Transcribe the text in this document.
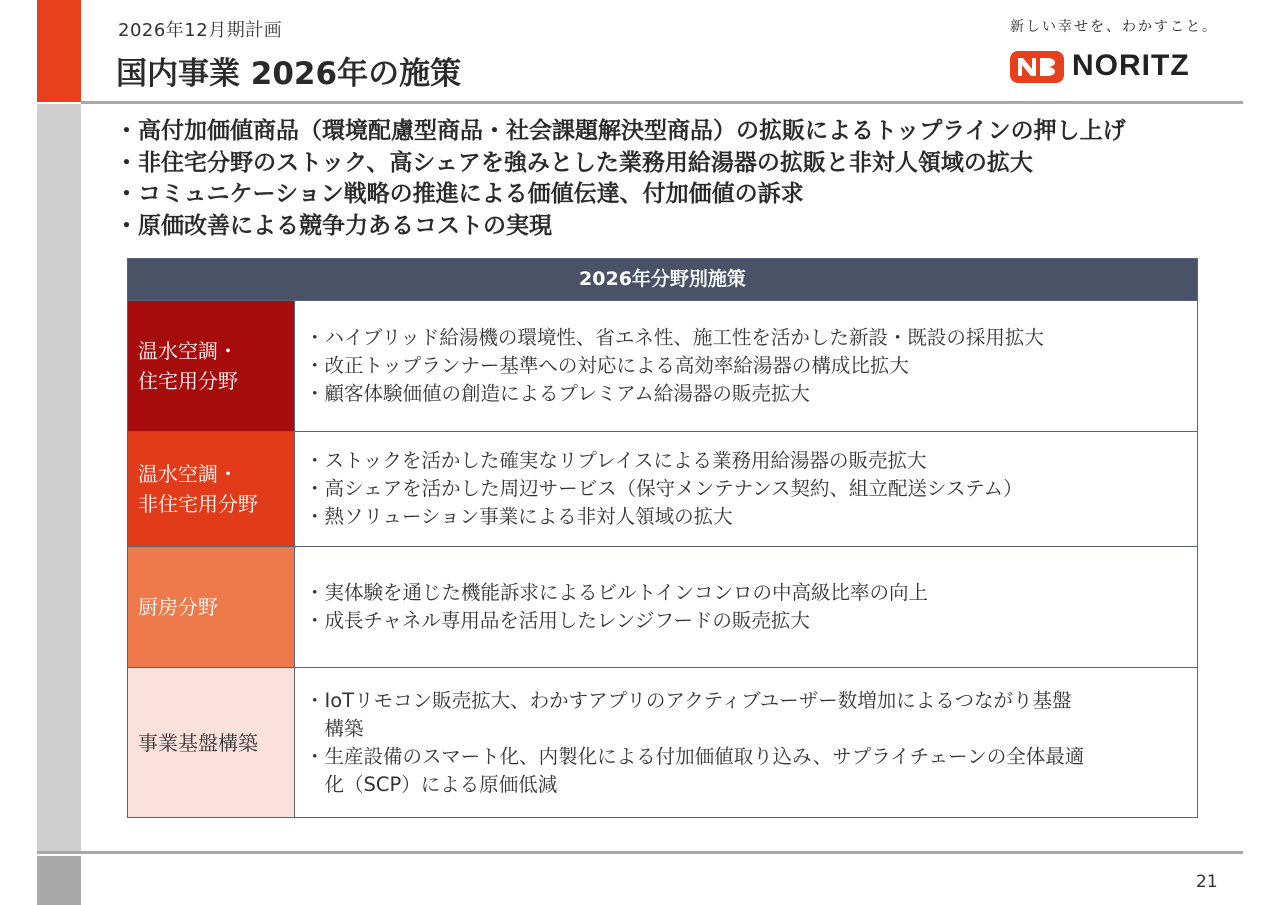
2026年12月期計画
国内事業 2026年の施策
新しい幸せを、わかすこと。
NORITZ
・高付加価値商品（環境配慮型商品・社会課題解決型商品）の拡販によるトップラインの押し上げ
・非住宅分野のストック、高シェアを強みとした業務用給湯器の拡販と非対人領域の拡大
・コミュニケーション戦略の推進による価値伝達、付加価値の訴求
・原価改善による競争力あるコストの実現
2026年分野別施策
温水空調・
住宅用分野
・ハイブリッド給湯機の環境性、省エネ性、施工性を活かした新設・既設の採用拡大
・改正トップランナー基準への対応による高効率給湯器の構成比拡大
・顧客体験価値の創造によるプレミアム給湯器の販売拡大
温水空調・
非住宅用分野
・ストックを活かした確実なリプレイスによる業務用給湯器の販売拡大
・高シェアを活かした周辺サービス（保守メンテナンス契約、組立配送システム）
・熱ソリューション事業による非対人領域の拡大
厨房分野
・実体験を通じた機能訴求によるビルトインコンロの中高級比率の向上
・成長チャネル専用品を活用したレンジフードの販売拡大
事業基盤構築
・IoTリモコン販売拡大、わかすアプリのアクティブユーザー数増加によるつながり基盤
　構築
・生産設備のスマート化、内製化による付加価値取り込み、サプライチェーンの全体最適
　化（SCP）による原価低減
21
